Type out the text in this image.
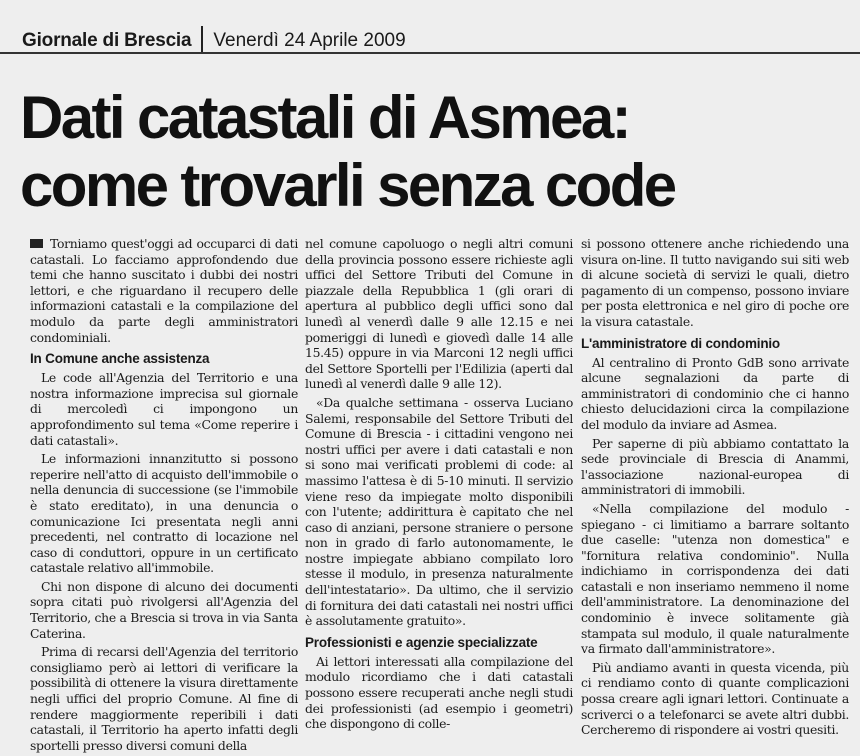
Giornale di Brescia Venerdì 24 Aprile 2009
Dati catastali di Asmea:
come trovarli senza code

Torniamo quest'oggi ad occuparci di dati catastali. Lo facciamo approfondendo due temi che hanno suscitato i dubbi dei nostri lettori, e che riguardano il recupero delle informazioni catastali e la compilazione del modulo da parte degli amministratori condominiali.

In Comune anche assistenza

Le code all'Agenzia del Territorio e una nostra informazione imprecisa sul giornale di mercoledì ci impongono un approfondimento sul tema «Come reperire i dati catastali».

Le informazioni innanzitutto si possono reperire nell'atto di acquisto dell'immobile o nella denuncia di successione (se l'immobile è stato ereditato), in una denuncia o comunicazione Ici presentata negli anni precedenti, nel contratto di locazione nel caso di conduttori, oppure in un certificato catastale relativo all'immobile.

Chi non dispone di alcuno dei documenti sopra citati può rivolgersi all'Agenzia del Territorio, che a Brescia si trova in via Santa Caterina.

Prima di recarsi dell'Agenzia del territorio consigliamo però ai lettori di verificare la possibilità di ottenere la visura direttamente negli uffici del proprio Comune. Al fine di rendere maggiormente reperibili i dati catastali, il Territorio ha aperto infatti degli sportelli presso diversi comuni della

nel comune capoluogo o negli altri comuni della provincia possono essere richieste agli uffici del Settore Tributi del Comune in piazzale della Repubblica 1 (gli orari di apertura al pubblico degli uffici sono dal lunedì al venerdì dalle 9 alle 12.15 e nei pomeriggi di lunedì e giovedì dalle 14 alle 15.45) oppure in via Marconi 12 negli uffici del Settore Sportelli per l'Edilizia (aperti dal lunedì al venerdì dalle 9 alle 12).

«Da qualche settimana - osserva Luciano Salemi, responsabile del Settore Tributi del Comune di Brescia - i cittadini vengono nei nostri uffici per avere i dati catastali e non si sono mai verificati problemi di code: al massimo l'attesa è di 5-10 minuti. Il servizio viene reso da impiegate molto disponibili con l'utente; addirittura è capitato che nel caso di anziani, persone straniere o persone non in grado di farlo autonomamente, le nostre impiegate abbiano compilato loro stesse il modulo, in presenza naturalmente dell'intestatario». Da ultimo, che il servizio di fornitura dei dati catastali nei nostri uffici è assolutamente gratuito».

Professionisti e agenzie specializzate

Ai lettori interessati alla compilazione del modulo ricordiamo che i dati catastali possono essere recuperati anche negli studi dei professionisti (ad esempio i geometri) che dispongono di colle-

si possono ottenere anche richiedendo una visura on-line. Il tutto navigando sui siti web di alcune società di servizi le quali, dietro pagamento di un compenso, possono inviare per posta elettronica e nel giro di poche ore la visura catastale.

L'amministratore di condominio

Al centralino di Pronto GdB sono arrivate alcune segnalazioni da parte di amministratori di condominio che ci hanno chiesto delucidazioni circa la compilazione del modulo da inviare ad Asmea.

Per saperne di più abbiamo contattato la sede provinciale di Brescia di Anammi, l'associazione nazional-europea di amministratori di immobili.

«Nella compilazione del modulo - spiegano - ci limitiamo a barrare soltanto due caselle: "utenza non domestica" e "fornitura relativa condominio". Nulla indichiamo in corrispondenza dei dati catastali e non inseriamo nemmeno il nome dell'amministratore. La denominazione del condominio è invece solitamente già stampata sul modulo, il quale naturalmente va firmato dall'amministratore».

Più andiamo avanti in questa vicenda, più ci rendiamo conto di quante complicazioni possa creare agli ignari lettori. Continuate a scriverci o a telefonarci se avete altri dubbi. Cercheremo di rispondere ai vostri quesiti.
